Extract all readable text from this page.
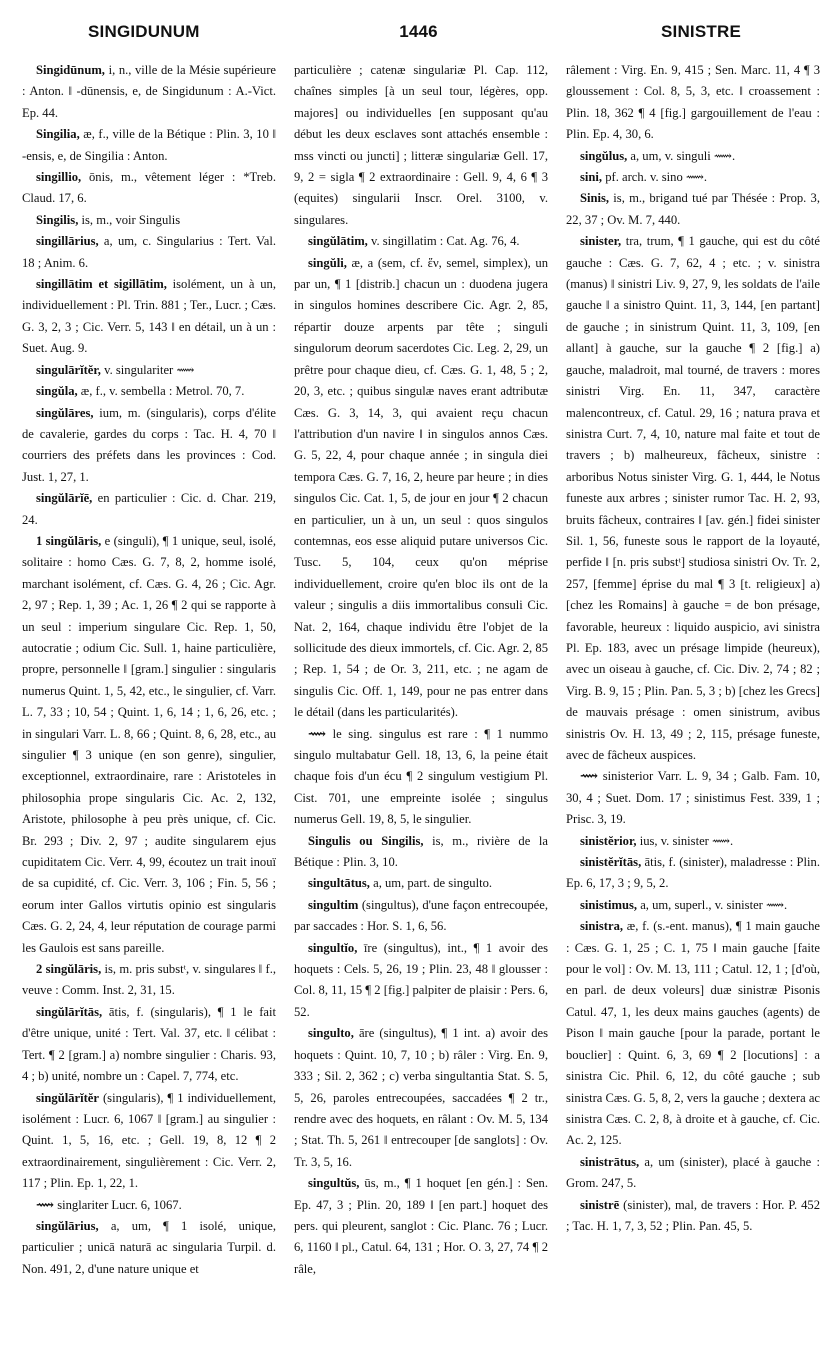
SINGIDUNUM	1446	SINISTRE

Singidūnum, i, n., ville de la Mésie supérieure : Anton. ‖ -dūnensis, e, de Singidunum : A.-Vict. Ep. 44.

Singilia, æ, f., ville de la Bétique : Plin. 3, 10 ‖ -ensis, e, de Singilia : Anton.

singillio, ōnis, m., vêtement léger : *Treb. Claud. 17, 6.

Singilis, is, m., voir Singulis

singillārius, a, um, c. Singularius : Tert. Val. 18 ; Anim. 6.

singillātim et sigillātim, isolément, un à un, individuellement : Pl. Trin. 881 ; Ter., Lucr. ; Cæs. G. 3, 2, 3 ; Cic. Verr. 5, 143 ‖ en détail, un à un : Suet. Aug. 9.

singulārĭtĕr, v. singulariter ⟿

singŭla, æ, f., v. sembella : Metrol. 70, 7.

singŭlāres, ium, m. (singularis), corps d'élite de cavalerie, gardes du corps : Tac. H. 4, 70 ‖ courriers des préfets dans les provinces : Cod. Just. 1, 27, 1.

singŭlārĭē, en particulier : Cic. d. Char. 219, 24.

1 singŭlāris, e (singuli), ¶ 1 unique, seul, isolé, solitaire : homo Cæs. G. 7, 8, 2, homme isolé, marchant isolément, cf. Cæs. G. 4, 26 ; Cic. Agr. 2, 97 ; Rep. 1, 39 ; Ac. 1, 26 ¶ 2 qui se rapporte à un seul : imperium singulare Cic. Rep. 1, 50, autocratie ; odium Cic. Sull. 1, haine particulière, propre, personnelle ‖ [gram.] singulier : singularis numerus Quint. 1, 5, 42, etc., le singulier, cf. Varr. L. 7, 33 ; 10, 54 ; Quint. 1, 6, 14 ; 1, 6, 26, etc. ; in singulari Varr. L. 8, 66 ; Quint. 8, 6, 28, etc., au singulier ¶ 3 unique (en son genre), singulier, exceptionnel, extraordinaire, rare : Aristoteles in philosophia prope singularis Cic. Ac. 2, 132, Aristote, philosophe à peu près unique, cf. Cic. Br. 293 ; Div. 2, 97 ; audite singularem ejus cupiditatem Cic. Verr. 4, 99, écoutez un trait inouï de sa cupidité, cf. Cic. Verr. 3, 106 ; Fin. 5, 56 ; eorum inter Gallos virtutis opinio est singularis Cæs. G. 2, 24, 4, leur réputation de courage parmi les Gaulois est sans pareille.

2 singŭlāris, is, m. pris substᵗ, v. singulares ‖ f., veuve : Comm. Inst. 2, 31, 15.

singŭlārĭtās, ātis, f. (singularis), ¶ 1 le fait d'être unique, unité : Tert. Val. 37, etc. ‖ célibat : Tert. ¶ 2 [gram.] a) nombre singulier : Charis. 93, 4 ; b) unité, nombre un : Capel. 7, 774, etc.

singŭlārĭtĕr (singularis), ¶ 1 individuellement, isolément : Lucr. 6, 1067 ‖ [gram.] au singulier : Quint. 1, 5, 16, etc. ; Gell. 19, 8, 12 ¶ 2 extraordinairement, singulièrement : Cic. Verr. 2, 117 ; Plin. Ep. 1, 22, 1.

⟿ singlariter Lucr. 6, 1067.

singŭlārius, a, um, ¶ 1 isolé, unique, particulier ; unicā naturā ac singularia Turpil. d. Non. 491, 2, d'une nature unique et

particulière ; catenæ singulariæ Pl. Cap. 112, chaînes simples [à un seul tour, légères, opp. majores] ou individuelles [en supposant qu'au début les deux esclaves sont attachés ensemble : mss vincti ou juncti] ; litteræ singulariæ Gell. 17, 9, 2 = sigla ¶ 2 extraordinaire : Gell. 9, 4, 6 ¶ 3 (equites) singularii Inscr. Orel. 3100, v. singulares.

singŭlātim, v. singillatim : Cat. Ag. 76, 4.

singŭli, æ, a (sem, cf. ἕν, semel, simplex), un par un, ¶ 1 [distrib.] chacun un : duodena jugera in singulos homines describere Cic. Agr. 2, 85, répartir douze arpents par tête ; singuli singulorum deorum sacerdotes Cic. Leg. 2, 29, un prêtre pour chaque dieu, cf. Cæs. G. 1, 48, 5 ; 2, 20, 3, etc. ; quibus singulæ naves erant adtributæ Cæs. G. 3, 14, 3, qui avaient reçu chacun l'attribution d'un navire ‖ in singulos annos Cæs. G. 5, 22, 4, pour chaque année ; in singula diei tempora Cæs. G. 7, 16, 2, heure par heure ; in dies singulos Cic. Cat. 1, 5, de jour en jour ¶ 2 chacun en particulier, un à un, un seul : quos singulos contemnas, eos esse aliquid putare universos Cic. Tusc. 5, 104, ceux qu'on méprise individuellement, croire qu'en bloc ils ont de la valeur ; singulis a diis immortalibus consuli Cic. Nat. 2, 164, chaque individu être l'objet de la sollicitude des dieux immortels, cf. Cic. Agr. 2, 85 ; Rep. 1, 54 ; de Or. 3, 211, etc. ; ne agam de singulis Cic. Off. 1, 149, pour ne pas entrer dans le détail (dans les particularités).

⟿ le sing. singulus est rare : ¶ 1 nummo singulo multabatur Gell. 18, 13, 6, la peine était chaque fois d'un écu ¶ 2 singulum vestigium Pl. Cist. 701, une empreinte isolée ; singulus numerus Gell. 19, 8, 5, le singulier.

Singulis ou Singilis, is, m., rivière de la Bétique : Plin. 3, 10.

singultātus, a, um, part. de singulto.

singultim (singultus), d'une façon entrecoupée, par saccades : Hor. S. 1, 6, 56.

singultĭo, īre (singultus), int., ¶ 1 avoir des hoquets : Cels. 5, 26, 19 ; Plin. 23, 48 ‖ glousser : Col. 8, 11, 15 ¶ 2 [fig.] palpiter de plaisir : Pers. 6, 52.

singulto, āre (singultus), ¶ 1 int. a) avoir des hoquets : Quint. 10, 7, 10 ; b) râler : Virg. En. 9, 333 ; Sil. 2, 362 ; c) verba singultantia Stat. S. 5, 5, 26, paroles entrecoupées, saccadées ¶ 2 tr., rendre avec des hoquets, en râlant : Ov. M. 5, 134 ; Stat. Th. 5, 261 ‖ entrecouper [de sanglots] : Ov. Tr. 3, 5, 16.

singultŭs, ūs, m., ¶ 1 hoquet [en gén.] : Sen. Ep. 47, 3 ; Plin. 20, 189 ‖ [en part.] hoquet des pers. qui pleurent, sanglot : Cic. Planc. 76 ; Lucr. 6, 1160 ‖ pl., Catul. 64, 131 ; Hor. O. 3, 27, 74 ¶ 2 râle,

râlement : Virg. En. 9, 415 ; Sen. Marc. 11, 4 ¶ 3 gloussement : Col. 8, 5, 3, etc. ‖ croassement : Plin. 18, 362 ¶ 4 [fig.] gargouillement de l'eau : Plin. Ep. 4, 30, 6.

singŭlus, a, um, v. singuli ⟿.

sini, pf. arch. v. sino ⟿.

Sinis, is, m., brigand tué par Thésée : Prop. 3, 22, 37 ; Ov. M. 7, 440.

sinister, tra, trum, ¶ 1 gauche, qui est du côté gauche : Cæs. G. 7, 62, 4 ; etc. ; v. sinistra (manus) ‖ sinistri Liv. 9, 27, 9, les soldats de l'aile gauche ‖ a sinistro Quint. 11, 3, 144, [en partant] de gauche ; in sinistrum Quint. 11, 3, 109, [en allant] à gauche, sur la gauche ¶ 2 [fig.] a) gauche, maladroit, mal tourné, de travers : mores sinistri Virg. En. 11, 347, caractère malencontreux, cf. Catul. 29, 16 ; natura prava et sinistra Curt. 7, 4, 10, nature mal faite et tout de travers ; b) malheureux, fâcheux, sinistre : arboribus Notus sinister Virg. G. 1, 444, le Notus funeste aux arbres ; sinister rumor Tac. H. 2, 93, bruits fâcheux, contraires ‖ [av. gén.] fidei sinister Sil. 1, 56, funeste sous le rapport de la loyauté, perfide ‖ [n. pris substᵗ] studiosa sinistri Ov. Tr. 2, 257, [femme] éprise du mal ¶ 3 [t. religieux] a) [chez les Romains] à gauche = de bon présage, favorable, heureux : liquido auspicio, avi sinistra Pl. Ep. 183, avec un présage limpide (heureux), avec un oiseau à gauche, cf. Cic. Div. 2, 74 ; 82 ; Virg. B. 9, 15 ; Plin. Pan. 5, 3 ; b) [chez les Grecs] de mauvais présage : omen sinistrum, avibus sinistris Ov. H. 13, 49 ; 2, 115, présage funeste, avec de fâcheux auspices.

⟿ sinisterior Varr. L. 9, 34 ; Galb. Fam. 10, 30, 4 ; Suet. Dom. 17 ; sinistimus Fest. 339, 1 ; Prisc. 3, 19.

sinistĕrior, ius, v. sinister ⟿.

sinistĕrĭtās, ātis, f. (sinister), maladresse : Plin. Ep. 6, 17, 3 ; 9, 5, 2.

sinistimus, a, um, superl., v. sinister ⟿.

sinistra, æ, f. (s.-ent. manus), ¶ 1 main gauche : Cæs. G. 1, 25 ; C. 1, 75 ‖ main gauche [faite pour le vol] : Ov. M. 13, 111 ; Catul. 12, 1 ; [d'où, en parl. de deux voleurs] duæ sinistræ Pisonis Catul. 47, 1, les deux mains gauches (agents) de Pison ‖ main gauche [pour la parade, portant le bouclier] : Quint. 6, 3, 69 ¶ 2 [locutions] : a sinistra Cic. Phil. 6, 12, du côté gauche ; sub sinistra Cæs. G. 5, 8, 2, vers la gauche ; dextera ac sinistra Cæs. C. 2, 8, à droite et à gauche, cf. Cic. Ac. 2, 125.

sinistrātus, a, um (sinister), placé à gauche : Grom. 247, 5.

sinistrē (sinister), mal, de travers : Hor. P. 452 ; Tac. H. 1, 7, 3, 52 ; Plin. Pan. 45, 5.
